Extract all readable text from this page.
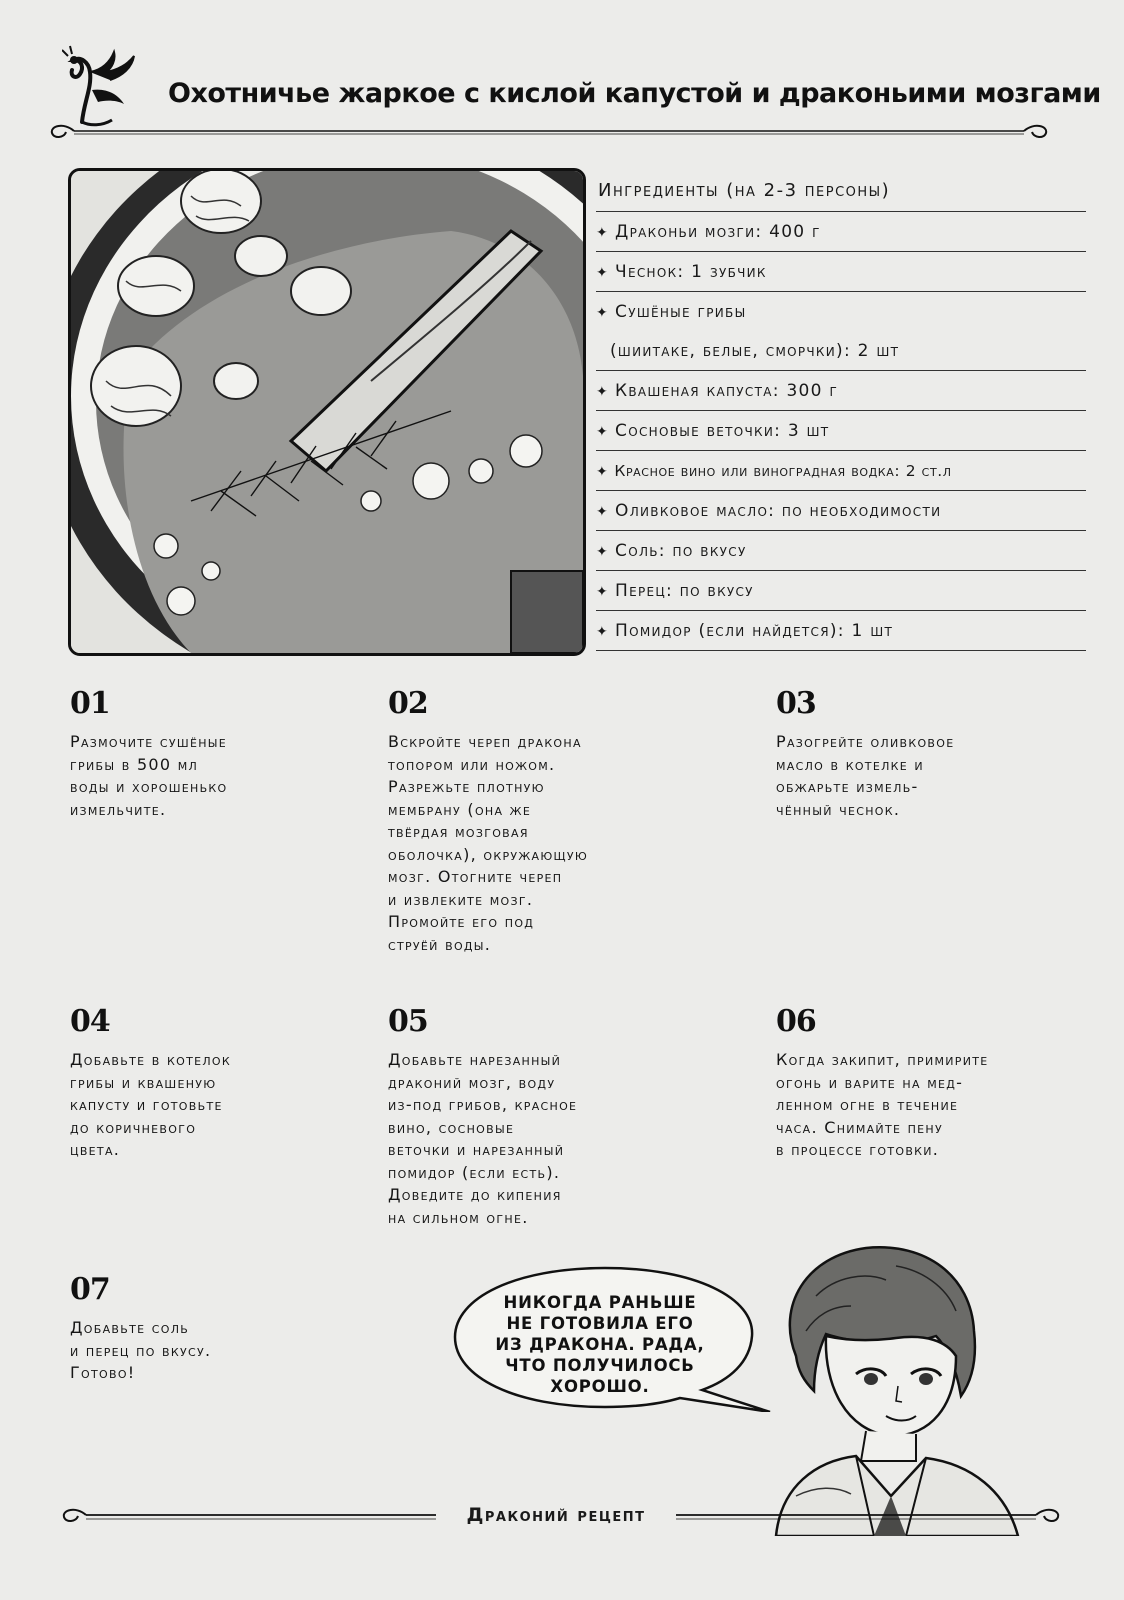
Охотничье жаркое с кислой капустой и драконьими мозгами
Ингредиенты (на 2-3 персоны)
✦ Драконьи мозги: 400 г
✦ Чеснок: 1 зубчик
✦ Сушёные грибы
(шиитаке, белые, сморчки): 2 шт
✦ Квашеная капуста: 300 г
✦ Сосновые веточки: 3 шт
✦ Красное вино или виноградная водка: 2 ст.л
✦ Оливковое масло: по необходимости
✦ Соль: по вкусу
✦ Перец: по вкусу
✦ Помидор (если найдется): 1 шт
01
Размочите сушёные
грибы в 500 мл
воды и хорошенько
измельчите.
02
Вскройте череп дракона
топором или ножом.
Разрежьте плотную
мембрану (она же
твёрдая мозговая
оболочка), окружающую
мозг. Отогните череп
и извлеките мозг.
Промойте его под
струёй воды.
03
Разогрейте оливковое
масло в котелке и
обжарьте измель-
чённый чеснок.
04
Добавьте в котелок
грибы и квашеную
капусту и готовьте
до коричневого
цвета.
05
Добавьте нарезанный
драконий мозг, воду
из-под грибов, красное
вино, сосновые
веточки и нарезанный
помидор (если есть).
Доведите до кипения
на сильном огне.
06
Когда закипит, примирите
огонь и варите на мед-
ленном огне в течение
часа. Снимайте пену
в процессе готовки.
07
Добавьте соль
и перец по вкусу.
Готово!
НИКОГДА РАНЬШЕ
НЕ ГОТОВИЛА ЕГО
ИЗ ДРАКОНА. РАДА,
ЧТО ПОЛУЧИЛОСЬ
ХОРОШО.
Драконий рецепт
